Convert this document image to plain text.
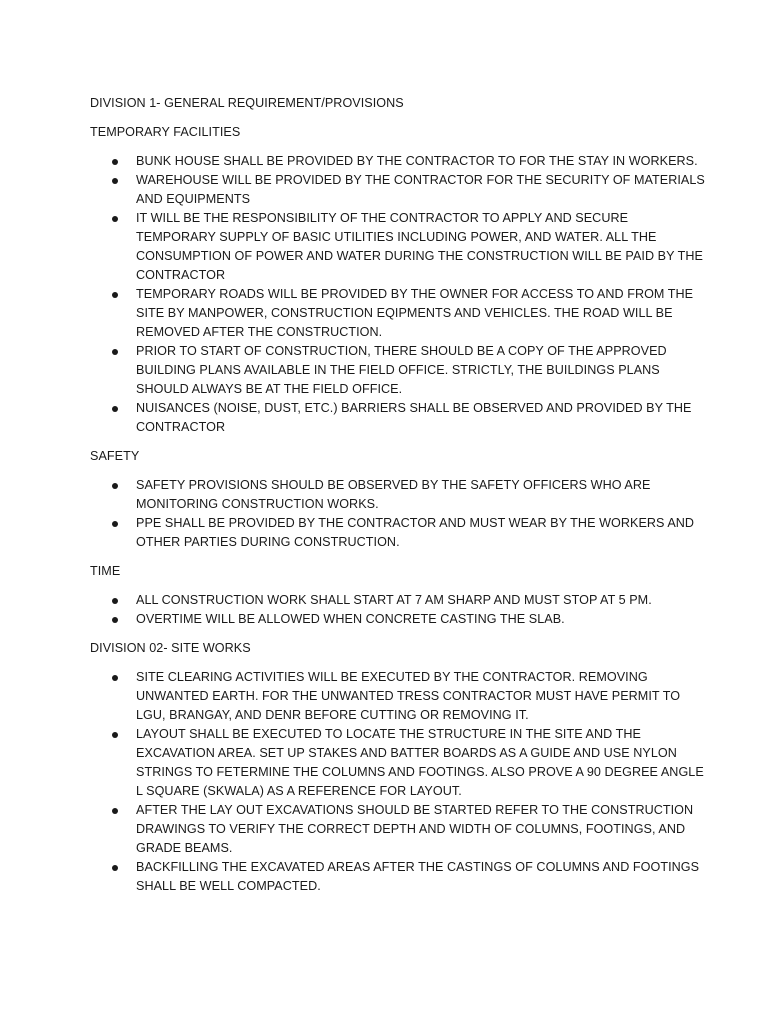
DIVISION 1- GENERAL REQUIREMENT/PROVISIONS

TEMPORARY FACILITIES

BUNK HOUSE SHALL BE PROVIDED BY THE CONTRACTOR TO FOR THE STAY IN WORKERS.
WAREHOUSE WILL BE PROVIDED BY THE CONTRACTOR FOR THE SECURITY OF MATERIALS AND EQUIPMENTS
IT WILL BE THE RESPONSIBILITY OF THE CONTRACTOR TO APPLY AND SECURE TEMPORARY SUPPLY OF BASIC UTILITIES INCLUDING POWER, AND WATER. ALL THE CONSUMPTION OF POWER AND WATER DURING THE CONSTRUCTION WILL BE PAID BY THE CONTRACTOR
TEMPORARY ROADS WILL BE PROVIDED BY THE OWNER FOR ACCESS TO AND FROM THE SITE BY MANPOWER, CONSTRUCTION EQIPMENTS AND VEHICLES. THE ROAD WILL BE REMOVED AFTER THE CONSTRUCTION.
PRIOR TO START OF CONSTRUCTION, THERE SHOULD BE A COPY OF THE APPROVED BUILDING PLANS AVAILABLE IN THE FIELD OFFICE. STRICTLY, THE BUILDINGS PLANS SHOULD ALWAYS BE AT THE FIELD OFFICE.
NUISANCES (NOISE, DUST, ETC.) BARRIERS SHALL BE OBSERVED AND PROVIDED BY THE CONTRACTOR

SAFETY

SAFETY PROVISIONS SHOULD BE OBSERVED BY THE SAFETY OFFICERS WHO ARE MONITORING CONSTRUCTION WORKS.
PPE SHALL BE PROVIDED BY THE CONTRACTOR AND MUST WEAR BY THE WORKERS AND OTHER PARTIES DURING CONSTRUCTION.

TIME

ALL CONSTRUCTION WORK SHALL START AT 7 AM SHARP AND MUST STOP AT 5 PM.
OVERTIME WILL BE ALLOWED WHEN CONCRETE CASTING THE SLAB.

DIVISION 02- SITE WORKS

SITE CLEARING ACTIVITIES WILL BE EXECUTED BY THE CONTRACTOR. REMOVING UNWANTED EARTH. FOR THE UNWANTED TRESS CONTRACTOR MUST HAVE PERMIT TO LGU, BRANGAY, AND DENR BEFORE CUTTING OR REMOVING IT.
LAYOUT SHALL BE EXECUTED TO LOCATE THE STRUCTURE IN THE SITE AND THE EXCAVATION AREA. SET UP STAKES AND BATTER BOARDS AS A GUIDE AND USE NYLON STRINGS TO FETERMINE THE COLUMNS AND FOOTINGS. ALSO PROVE A 90 DEGREE ANGLE L SQUARE (SKWALA) AS A REFERENCE FOR LAYOUT.
AFTER THE LAY OUT EXCAVATIONS SHOULD BE STARTED REFER TO THE CONSTRUCTION DRAWINGS TO VERIFY THE CORRECT DEPTH AND WIDTH OF COLUMNS, FOOTINGS, AND GRADE BEAMS.
BACKFILLING THE EXCAVATED AREAS AFTER THE CASTINGS OF COLUMNS AND FOOTINGS SHALL BE WELL COMPACTED.
